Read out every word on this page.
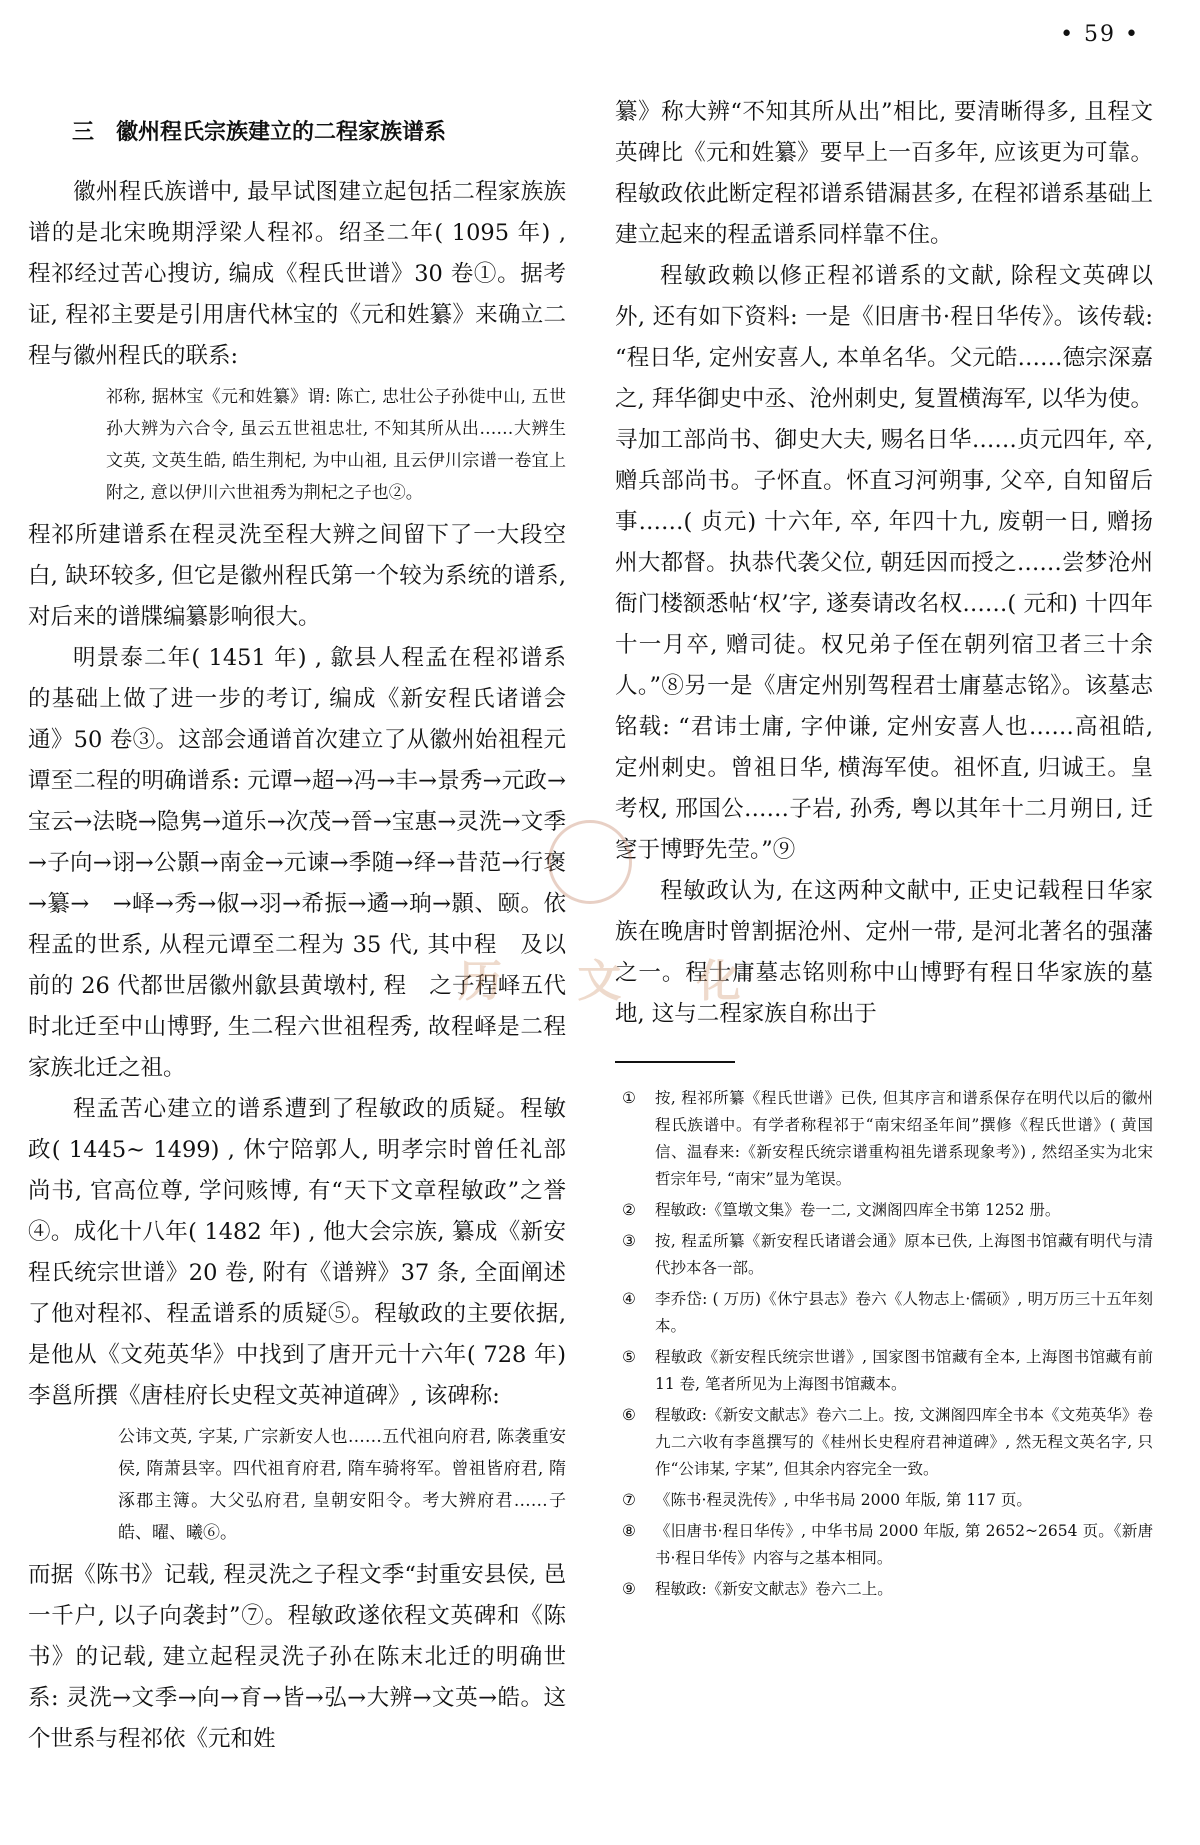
• 59 •
三　徽州程氏宗族建立的二程家族谱系

徽州程氏族谱中, 最早试图建立起包括二程家族族谱的是北宋晚期浮梁人程祁。绍圣二年( 1095 年) , 程祁经过苦心搜访, 编成《程氏世谱》30 卷①。据考证, 程祁主要是引用唐代林宝的《元和姓纂》来确立二程与徽州程氏的联系:

祁称, 据林宝《元和姓纂》谓: 陈亡, 忠壮公子孙徙中山, 五世孙大辨为六合令, 虽云五世祖忠壮, 不知其所从出……大辨生文英, 文英生皓, 皓生荆杞, 为中山祖, 且云伊川宗谱一卷宜上附之, 意以伊川六世祖秀为荆杞之子也②。

程祁所建谱系在程灵洗至程大辨之间留下了一大段空白, 缺环较多, 但它是徽州程氏第一个较为系统的谱系, 对后来的谱牒编纂影响很大。

明景泰二年( 1451 年) , 歙县人程孟在程祁谱系的基础上做了进一步的考订, 编成《新安程氏诸谱会通》50 卷③。这部会通谱首次建立了从徽州始祖程元谭至二程的明确谱系: 元谭→超→冯→丰→景秀→元政→宝云→法晓→隐隽→道乐→次茂→晉→宝惠→灵洗→文季→子向→诩→公顥→南金→元谏→季随→绎→昔范→行褒→纂→　→峄→秀→俶→羽→希振→遹→珦→顥、颐。依程孟的世系, 从程元谭至二程为 35 代, 其中程　及以前的 26 代都世居徽州歙县黄墩村, 程　之子程峄五代时北迁至中山博野, 生二程六世祖程秀, 故程峄是二程家族北迁之祖。

程孟苦心建立的谱系遭到了程敏政的质疑。程敏政( 1445~ 1499) , 休宁陪郭人, 明孝宗时曾任礼部尚书, 官高位尊, 学问赅博, 有“天下文章程敏政”之誉④。成化十八年( 1482 年) , 他大会宗族, 纂成《新安程氏统宗世谱》20 卷, 附有《谱辨》37 条, 全面阐述了他对程祁、程孟谱系的质疑⑤。程敏政的主要依据, 是他从《文苑英华》中找到了唐开元十六年( 728 年) 李邕所撰《唐桂府长史程文英神道碑》, 该碑称:

公讳文英, 字某, 广宗新安人也……五代祖向府君, 陈袭重安侯, 隋萧县宰。四代祖育府君, 隋车骑将军。曾祖皆府君, 隋涿郡主簿。大父弘府君, 皇朝安阳令。考大辨府君……子皓、曜、曦⑥。

而据《陈书》记载, 程灵洗之子程文季“封重安县侯, 邑一千户, 以子向袭封”⑦。程敏政遂依程文英碑和《陈书》的记载, 建立起程灵洗子孙在陈末北迁的明确世系: 灵洗→文季→向→育→皆→弘→大辨→文英→皓。这个世系与程祁依《元和姓

纂》称大辨“不知其所从出”相比, 要清晰得多, 且程文英碑比《元和姓纂》要早上一百多年, 应该更为可靠。程敏政依此断定程祁谱系错漏甚多, 在程祁谱系基础上建立起来的程孟谱系同样靠不住。

程敏政赖以修正程祁谱系的文献, 除程文英碑以外, 还有如下资料: 一是《旧唐书·程日华传》。该传载: “程日华, 定州安喜人, 本单名华。父元皓……德宗深嘉之, 拜华御史中丞、沧州刺史, 复置横海军, 以华为使。寻加工部尚书、御史大夫, 赐名日华……贞元四年, 卒, 赠兵部尚书。子怀直。怀直习河朔事, 父卒, 自知留后事……( 贞元) 十六年, 卒, 年四十九, 废朝一日, 赠扬州大都督。执恭代袭父位, 朝廷因而授之……尝梦沧州衙门楼额悉帖‘权’字, 遂奏请改名权……( 元和) 十四年十一月卒, 赠司徒。权兄弟子侄在朝列宿卫者三十余人。”⑧另一是《唐定州别驾程君士庸墓志铭》。该墓志铭载: “君讳士庸, 字仲谦, 定州安喜人也……高祖皓, 定州刺史。曾祖日华, 横海军使。祖怀直, 归诚王。皇考权, 邢国公……子岩, 孙秀, 粤以其年十二月朔日, 迁窆于博野先茔。”⑨

程敏政认为, 在这两种文献中, 正史记载程日华家族在晚唐时曾割据沧州、定州一带, 是河北著名的强藩之一。程士庸墓志铭则称中山博野有程日华家族的墓地, 这与二程家族自称出于

①	按, 程祁所纂《程氏世谱》已佚, 但其序言和谱系保存在明代以后的徽州程氏族谱中。有学者称程祁于“南宋绍圣年间”撰修《程氏世谱》( 黄国信、温春来:《新安程氏统宗谱重构祖先谱系现象考》) , 然绍圣实为北宋哲宗年号, “南宋”显为笔误。
②	程敏政:《篁墩文集》卷一二, 文渊阁四库全书第 1252 册。
③	按, 程孟所纂《新安程氏诸谱会通》原本已佚, 上海图书馆藏有明代与清代抄本各一部。
④	李乔岱: ( 万历)《休宁县志》卷六《人物志上·儒硕》, 明万历三十五年刻本。
⑤	程敏政《新安程氏统宗世谱》, 国家图书馆藏有全本, 上海图书馆藏有前 11 卷, 笔者所见为上海图书馆藏本。
⑥	程敏政:《新安文献志》卷六二上。按, 文渊阁四库全书本《文苑英华》卷九二六收有李邕撰写的《桂州长史程府君神道碑》, 然无程文英名字, 只作“公讳某, 字某”, 但其余内容完全一致。
⑦	《陈书·程灵洗传》, 中华书局 2000 年版, 第 117 页。
⑧	《旧唐书·程日华传》, 中华书局 2000 年版, 第 2652~2654 页。《新唐书·程日华传》内容与之基本相同。
⑨	程敏政:《新安文献志》卷六二上。
历 文 化
